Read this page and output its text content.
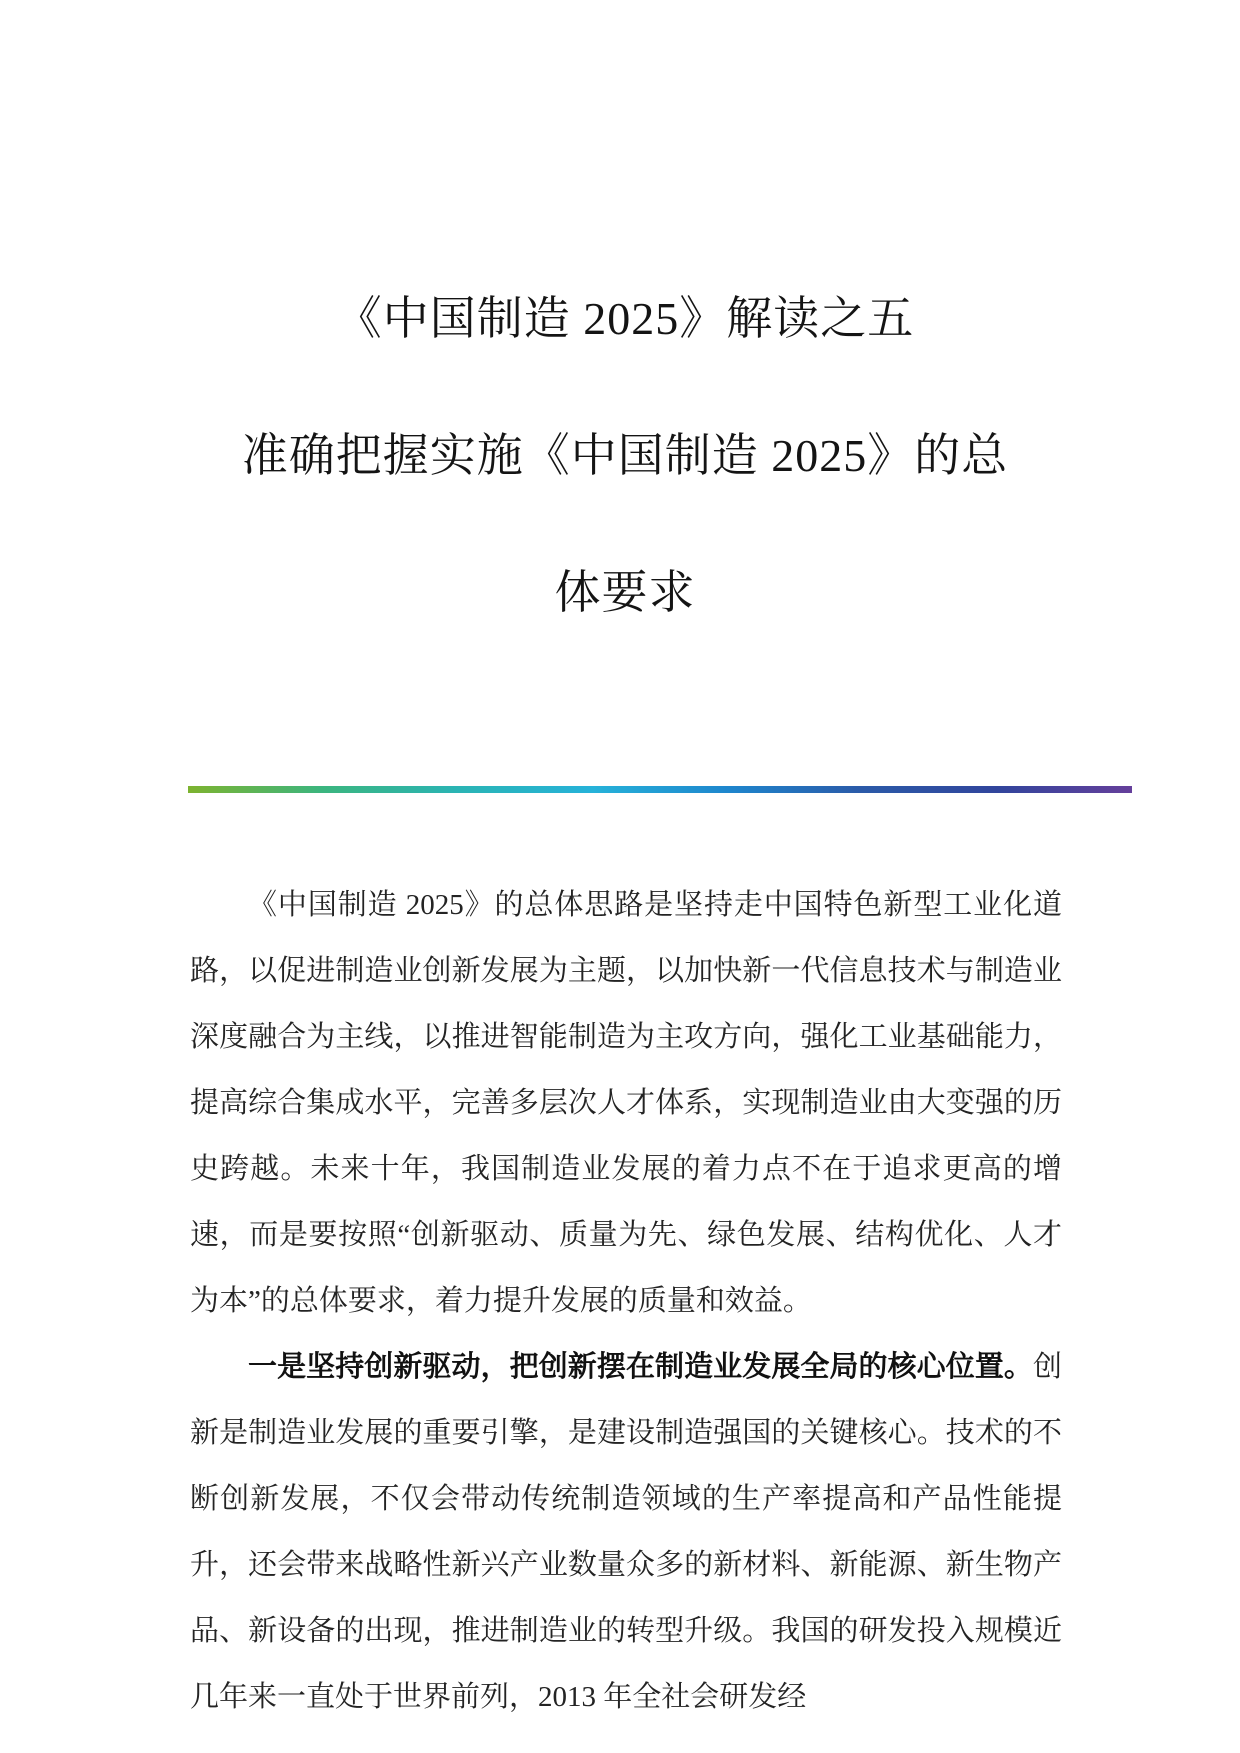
《中国制造 2025》解读之五
准确把握实施《中国制造 2025》的总
体要求

《中国制造 2025》的总体思路是坚持走中国特色新型工业化道路，以促进制造业创新发展为主题，以加快新一代信息技术与制造业深度融合为主线，以推进智能制造为主攻方向，强化工业基础能力，提高综合集成水平，完善多层次人才体系，实现制造业由大变强的历史跨越。未来十年，我国制造业发展的着力点不在于追求更高的增速，而是要按照“创新驱动、质量为先、绿色发展、结构优化、人才为本”的总体要求，着力提升发展的质量和效益。

一是坚持创新驱动，把创新摆在制造业发展全局的核心位置。创新是制造业发展的重要引擎，是建设制造强国的关键核心。技术的不断创新发展，不仅会带动传统制造领域的生产率提高和产品性能提升，还会带来战略性新兴产业数量众多的新材料、新能源、新生物产品、新设备的出现，推进制造业的转型升级。我国的研发投入规模近几年来一直处于世界前列，2013 年全社会研发经
